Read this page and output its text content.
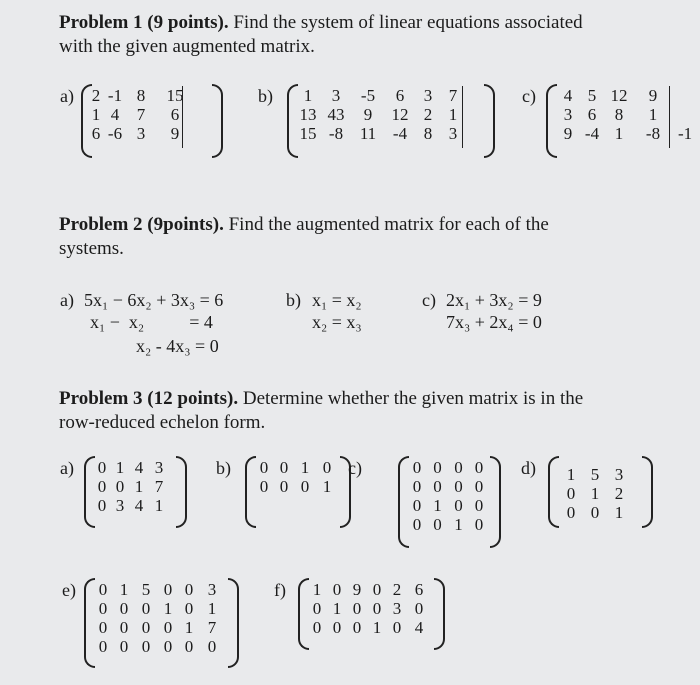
Problem 1 (9 points). Find the system of linear equations associated
with the given augmented matrix.
a) 2 -1 8 15
1 4 7 6
6 -6 3 9
b)	1 3 -5 6 3 7
13 43 9 12 2 1
15 -8 11 -4 8 3
c)	4 5 12 9
3 6 8 1
9 -4 1 -8	-1
Problem 2 (9points). Find the augmented matrix for each of the
systems.
a) 5x₁ − 6x₂ + 3x₃ = 6
x₁ −  x₂          = 4
x₂ - 4x₃ = 0
b) x₁ = x₂
x₂ = x₃
c) 2x₁ + 3x₂ = 9
7x₃ + 2x₄ = 0
Problem 3 (12 points). Determine whether the given matrix is in the
row-reduced echelon form.
a) 0 1 4 3
0 0 1 7
0 3 4 1
b)	0 0 1 0
0 0 0 1
c)	0 0 0 0
0 0 0 0
0 1 0 0
0 0 1 0
d)	1 5 3
0 1 2
0 0 1
e)	0 1 5 0 0 3
0 0 0 1 0 1
0 0 0 0 1 7
0 0 0 0 0 0
f)	1 0 9 0 2 6
0 1 0 0 3 0
0 0 0 1 0 4
